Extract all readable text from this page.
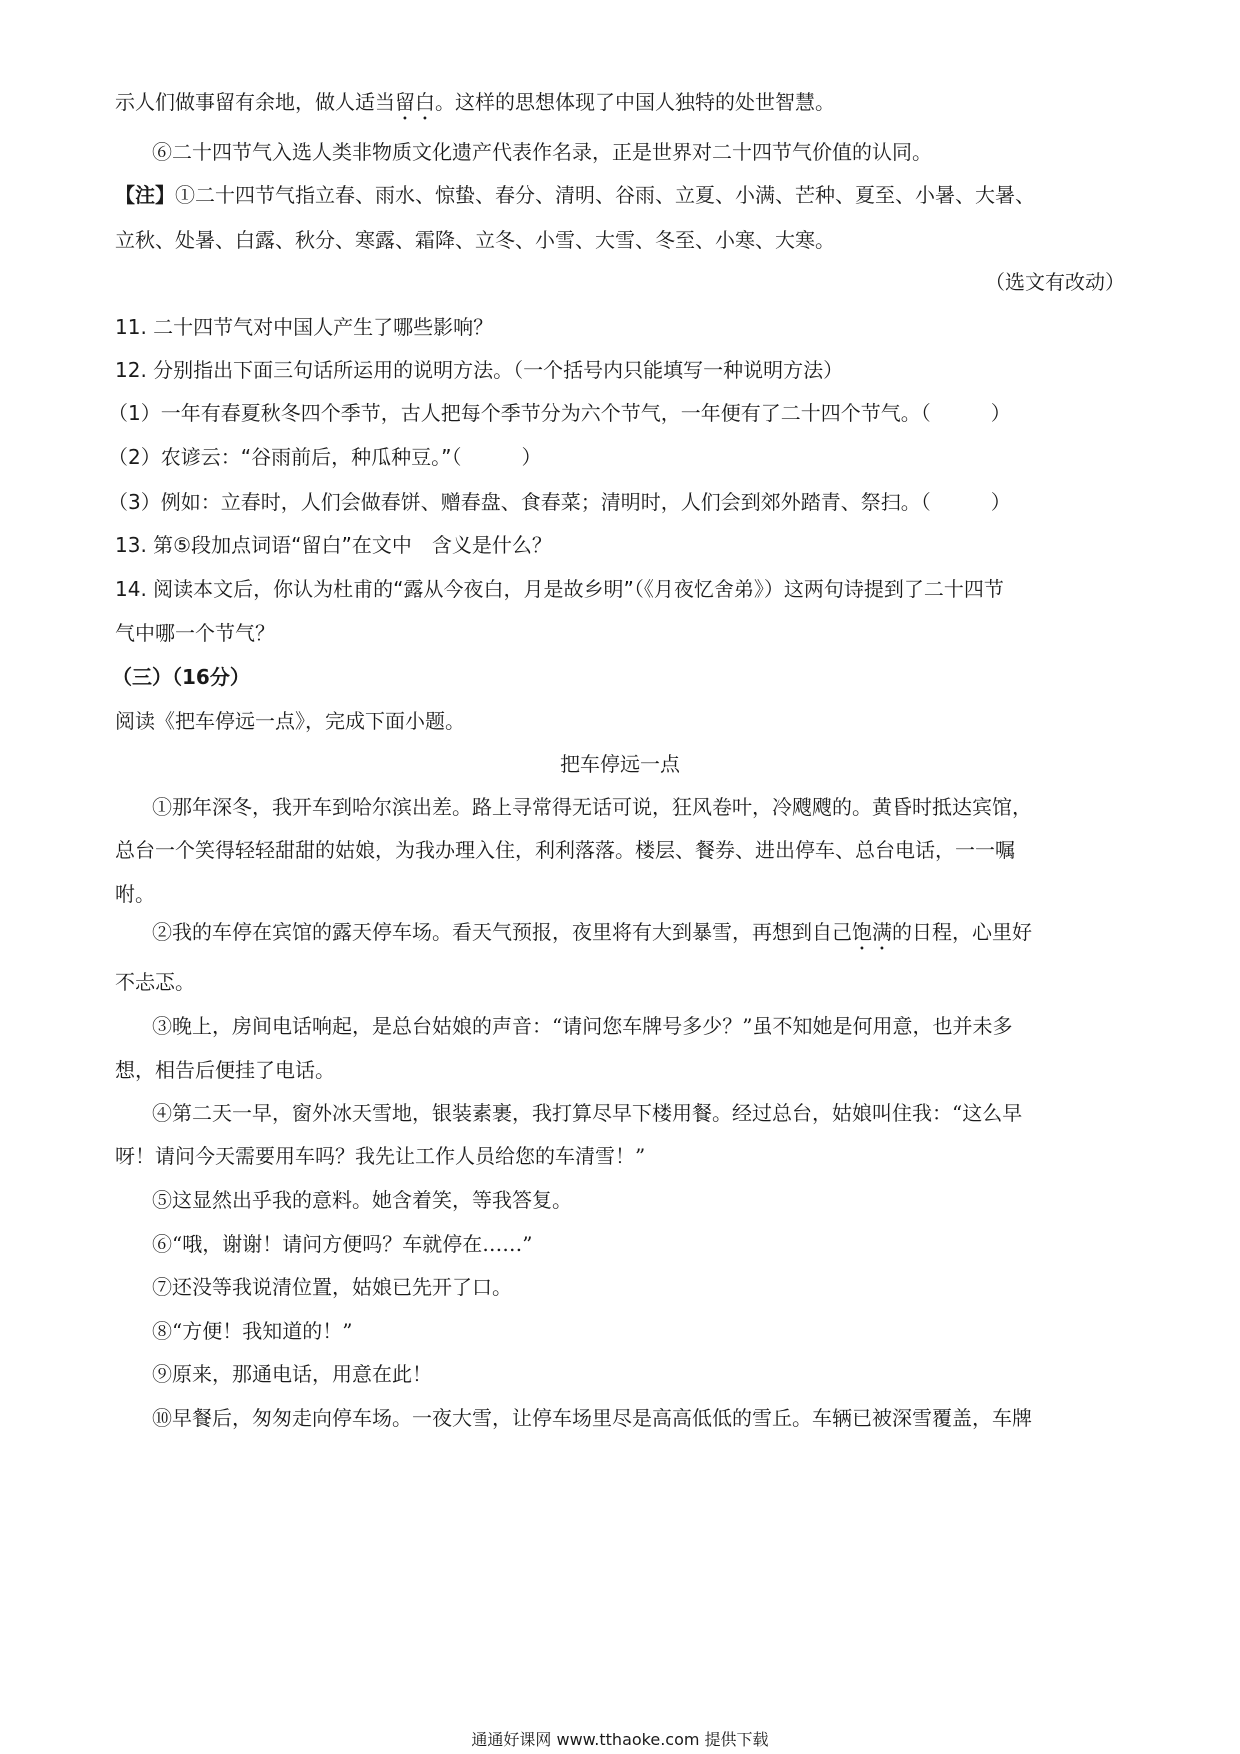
示人们做事留有余地，做人适当留白。这样的思想体现了中国人独特的处世智慧。
⑥二十四节气入选人类非物质文化遗产代表作名录，正是世界对二十四节气价值的认同。
【注】①二十四节气指立春、雨水、惊蛰、春分、清明、谷雨、立夏、小满、芒种、夏至、小暑、大暑、
立秋、处暑、白露、秋分、寒露、霜降、立冬、小雪、大雪、冬至、小寒、大寒。
（选文有改动）
11. 二十四节气对中国人产生了哪些影响？
12. 分别指出下面三句话所运用的说明方法。（一个括号内只能填写一种说明方法）
（1）一年有春夏秋冬四个季节，古人把每个季节分为六个节气，一年便有了二十四个节气。（　　　）
（2）农谚云：“谷雨前后，种瓜种豆。”（　　　）
（3）例如：立春时，人们会做春饼、赠春盘、食春菜；清明时，人们会到郊外踏青、祭扫。（　　　）
13. 第⑤段加点词语“留白”在文中　含义是什么？
14. 阅读本文后，你认为杜甫的“露从今夜白，月是故乡明”（《月夜忆舍弟》）这两句诗提到了二十四节
气中哪一个节气？
（三）（16分）
阅读《把车停远一点》，完成下面小题。
把车停远一点
①那年深冬，我开车到哈尔滨出差。路上寻常得无话可说，狂风卷叶，冷飕飕的。黄昏时抵达宾馆，
总台一个笑得轻轻甜甜的姑娘，为我办理入住，利利落落。楼层、餐券、进出停车、总台电话，一一嘱
咐。
②我的车停在宾馆的露天停车场。看天气预报，夜里将有大到暴雪，再想到自己饱满的日程，心里好
不忐忑。
③晚上，房间电话响起，是总台姑娘的声音：“请问您车牌号多少？”虽不知她是何用意，也并未多
想，相告后便挂了电话。
④第二天一早，窗外冰天雪地，银装素裹，我打算尽早下楼用餐。经过总台，姑娘叫住我：“这么早
呀！请问今天需要用车吗？我先让工作人员给您的车清雪！”
⑤这显然出乎我的意料。她含着笑，等我答复。
⑥“哦，谢谢！请问方便吗？车就停在……”
⑦还没等我说清位置，姑娘已先开了口。
⑧“方便！我知道的！”
⑨原来，那通电话，用意在此！
⑩早餐后，匆匆走向停车场。一夜大雪，让停车场里尽是高高低低的雪丘。车辆已被深雪覆盖，车牌
通通好课网 www.tthaoke.com 提供下载
